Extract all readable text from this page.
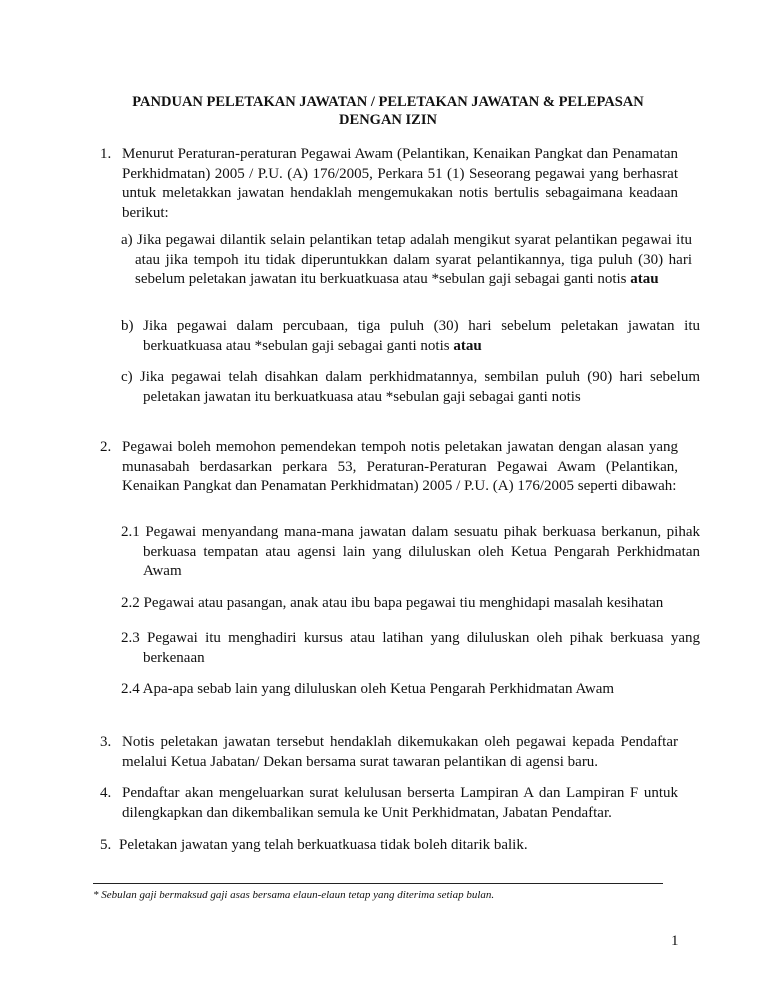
PANDUAN PELETAKAN JAWATAN / PELETAKAN JAWATAN & PELEPASAN
DENGAN IZIN
1. Menurut Peraturan-peraturan Pegawai Awam (Pelantikan, Kenaikan Pangkat dan Penamatan Perkhidmatan) 2005 / P.U. (A) 176/2005, Perkara 51 (1) Seseorang pegawai yang berhasrat untuk meletakkan jawatan hendaklah mengemukakan notis bertulis sebagaimana keadaan berikut:
a) Jika pegawai dilantik selain pelantikan tetap adalah mengikut syarat pelantikan pegawai itu atau jika tempoh itu tidak diperuntukkan dalam syarat pelantikannya, tiga puluh (30) hari sebelum peletakan jawatan itu berkuatkuasa atau *sebulan gaji sebagai ganti notis atau
b) Jika pegawai dalam percubaan, tiga puluh (30) hari sebelum peletakan jawatan itu berkuatkuasa atau *sebulan gaji sebagai ganti notis atau
c) Jika pegawai telah disahkan dalam perkhidmatannya, sembilan puluh (90) hari sebelum peletakan jawatan itu berkuatkuasa atau *sebulan gaji sebagai ganti notis
2. Pegawai boleh memohon pemendekan tempoh notis peletakan jawatan dengan alasan yang munasabah berdasarkan perkara 53, Peraturan-Peraturan Pegawai Awam (Pelantikan, Kenaikan Pangkat dan Penamatan Perkhidmatan) 2005 / P.U. (A) 176/2005 seperti dibawah:
2.1 Pegawai menyandang mana-mana jawatan dalam sesuatu pihak berkuasa berkanun, pihak berkuasa tempatan atau agensi lain yang diluluskan oleh Ketua Pengarah Perkhidmatan Awam
2.2 Pegawai atau pasangan, anak atau ibu bapa pegawai tiu menghidapi masalah kesihatan
2.3 Pegawai itu menghadiri kursus atau latihan yang diluluskan oleh pihak berkuasa yang berkenaan
2.4 Apa-apa sebab lain yang diluluskan oleh Ketua Pengarah Perkhidmatan Awam
3. Notis peletakan jawatan tersebut hendaklah dikemukakan oleh pegawai kepada Pendaftar melalui Ketua Jabatan/ Dekan bersama surat tawaran pelantikan di agensi baru.
4. Pendaftar akan mengeluarkan surat kelulusan berserta Lampiran A dan Lampiran F untuk dilengkapkan dan dikembalikan semula ke Unit Perkhidmatan, Jabatan Pendaftar.
5. Peletakan jawatan yang telah berkuatkuasa tidak boleh ditarik balik.
* Sebulan gaji bermaksud gaji asas bersama elaun-elaun tetap yang diterima setiap bulan.
1
